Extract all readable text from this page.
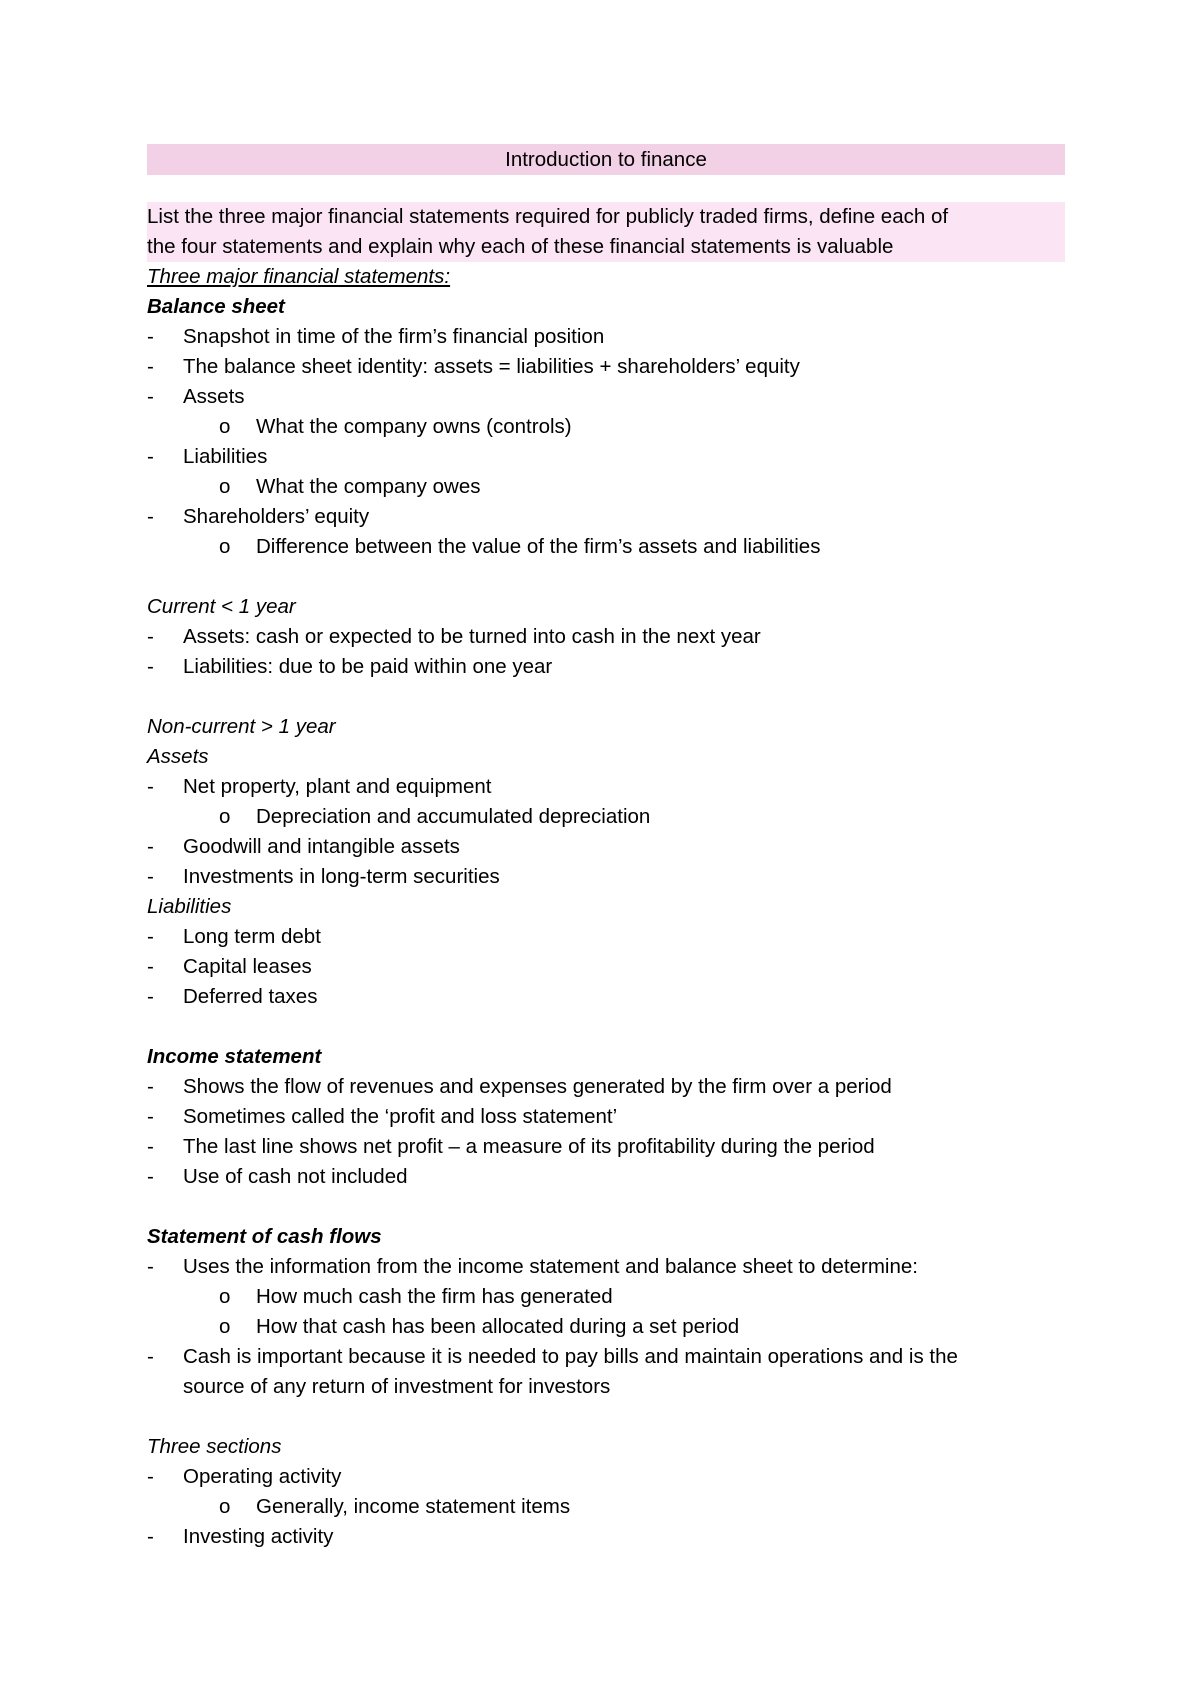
Introduction to finance
List the three major financial statements required for publicly traded firms, define each of
the four statements and explain why each of these financial statements is valuable
Three major financial statements:
Balance sheet
- Snapshot in time of the firm’s financial position
- The balance sheet identity: assets = liabilities + shareholders’ equity
- Assets
o What the company owns (controls)
- Liabilities
o What the company owes
- Shareholders’ equity
o Difference between the value of the firm’s assets and liabilities
Current < 1 year
- Assets: cash or expected to be turned into cash in the next year
- Liabilities: due to be paid within one year
Non-current > 1 year
Assets
- Net property, plant and equipment
o Depreciation and accumulated depreciation
- Goodwill and intangible assets
- Investments in long-term securities
Liabilities
- Long term debt
- Capital leases
- Deferred taxes
Income statement
- Shows the flow of revenues and expenses generated by the firm over a period
- Sometimes called the ‘profit and loss statement’
- The last line shows net profit – a measure of its profitability during the period
- Use of cash not included
Statement of cash flows
- Uses the information from the income statement and balance sheet to determine:
o How much cash the firm has generated
o How that cash has been allocated during a set period
- Cash is important because it is needed to pay bills and maintain operations and is the
source of any return of investment for investors
Three sections
- Operating activity
o Generally, income statement items
- Investing activity
